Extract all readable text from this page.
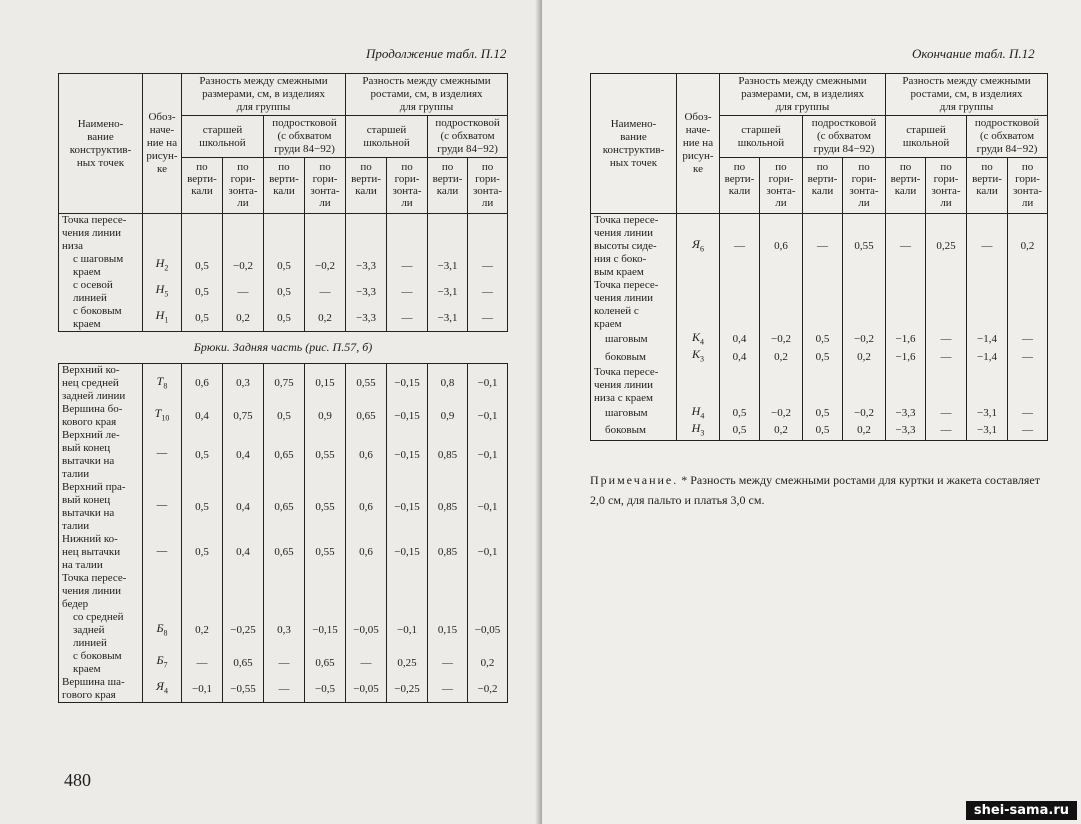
Продолжение табл. П.12
Наимено-
вание
конструктив-
ных точек	Обоз-
наче-
ние на
рисун-
ке	Разность между смежными
размерами, см, в изделиях
для группы				Разность между смежными
ростами, см, в изделиях
для группы			
		старшей
школьной		подростковой
(с обхватом
груди 84−92)		старшей
школьной		подростковой
(с обхватом
груди 84−92)	
		по
верти-
кали	по
гори-
зонта-
ли	по
верти-
кали	по
гори-
зонта-
ли	по
верти-
кали	по
гори-
зонта-
ли	по
верти-
кали	по
гори-
зонта-
ли
Точка пересе-
чения линии
низа									
с шаговым
краем	$Н_2$	0,5	−0,2	0,5	−0,2	−3,3	—	−3,1	—
с осевой
линией	$Н_5$	0,5	—	0,5	—	−3,3	—	−3,1	—
с боковым
краем	$Н_1$	0,5	0,2	0,5	0,2	−3,3	—	−3,1	—
Брюки. Задняя часть (рис. П.57, б)									
Верхний ко-
нец средней
задней линии	$Т_8$	0,6	0,3	0,75	0,15	0,55	−0,15	0,8	−0,1
Вершина бо-
кового края	$Т_{10}$	0,4	0,75	0,5	0,9	0,65	−0,15	0,9	−0,1
Верхний ле-
вый конец
вытачки на
талии	—	0,5	0,4	0,65	0,55	0,6	−0,15	0,85	−0,1
Верхний пра-
вый конец
вытачки на
талии	—	0,5	0,4	0,65	0,55	0,6	−0,15	0,85	−0,1
Нижний ко-
нец вытачки
на талии	—	0,5	0,4	0,65	0,55	0,6	−0,15	0,85	−0,1
Точка пересе-
чения линии
бедер									
со средней
задней
линией	$Б_8$	0,2	−0,25	0,3	−0,15	−0,05	−0,1	0,15	−0,05
с боковым
краем	$Б_7$	—	0,65	—	0,65	—	0,25	—	0,2
Вершина ша-
гового края	$Я_4$	−0,1	−0,55	—	−0,5	−0,05	−0,25	—	−0,2
480
Окончание табл. П.12
Наимено-
вание
конструктив-
ных точек	Обоз-
наче-
ние на
рисун-
ке	Разность между смежными
размерами, см, в изделиях
для группы				Разность между смежными
ростами, см, в изделиях
для группы			
		старшей
школьной		подростковой
(с обхватом
груди 84−92)		старшей
школьной		подростковой
(с обхватом
груди 84−92)	
		по
верти-
кали	по
гори-
зонта-
ли	по
верти-
кали	по
гори-
зонта-
ли	по
верти-
кали	по
гори-
зонта-
ли	по
верти-
кали	по
гори-
зонта-
ли
Точка пересе-
чения линии
высоты сиде-
ния с боко-
вым краем	$Я_6$	—	0,6	—	0,55	—	0,25	—	0,2
Точка пересе-
чения линии
коленей с
краем									
шаговым	$К_4$	0,4	−0,2	0,5	−0,2	−1,6	—	−1,4	—
боковым	$К_3$	0,4	0,2	0,5	0,2	−1,6	—	−1,4	—
Точка пересе-
чения линии
низа с краем									
шаговым	$Н_4$	0,5	−0,2	0,5	−0,2	−3,3	—	−3,1	—
боковым	$Н_3$	0,5	0,2	0,5	0,2	−3,3	—	−3,1	—
Примечание. * Разность между смежными ростами для куртки и жакета составляет 2,0 см, для пальто и платья 3,0 см.
shei-sama.ru
